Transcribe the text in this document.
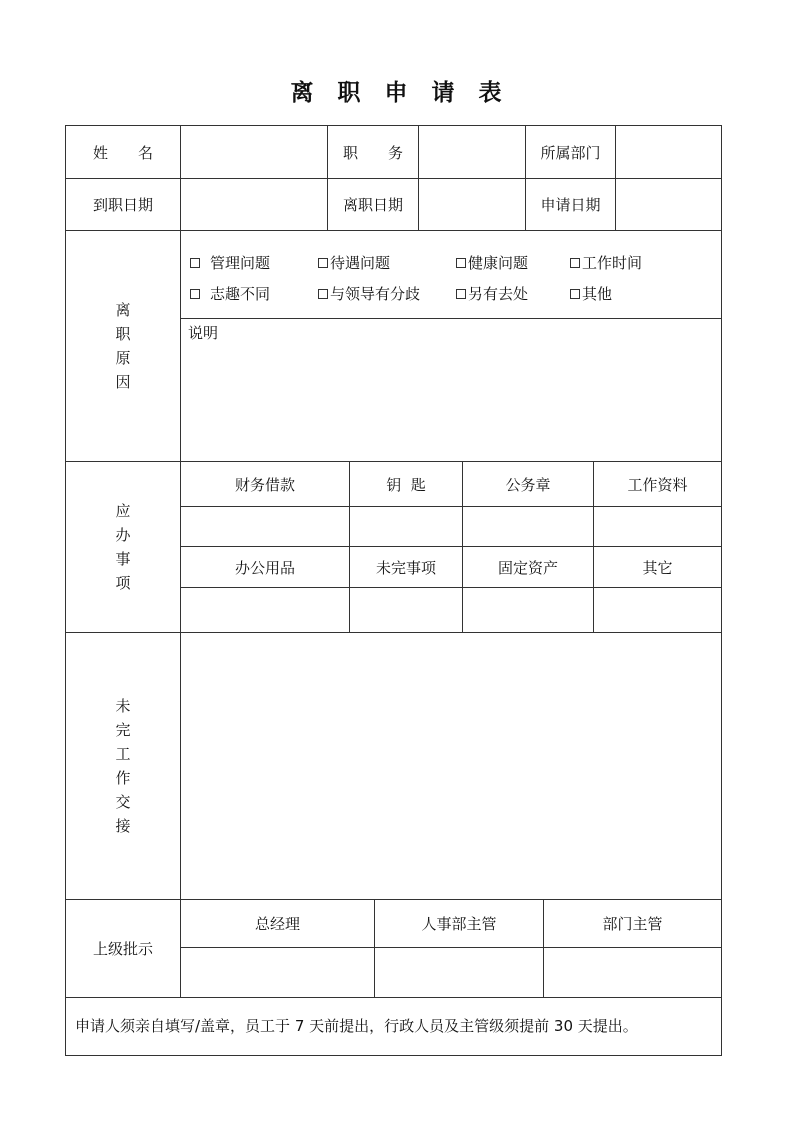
离 职 申 请 表
姓　　名	职　　务	所属部门
到职日期	离职日期	申请日期
离
职
原
因
管理问题	待遇问题	健康问题	工作时间
志趣不同	与领导有分歧	另有去处	其他
说明
应
办
事
项
财务借款	钥  匙	公务章	工作资料
办公用品	未完事项	固定资产	其它
未
完
工
作
交
接
上级批示
总经理	人事部主管	部门主管
申请人须亲自填写/盖章，员工于 7 天前提出，行政人员及主管级须提前 30 天提出。
